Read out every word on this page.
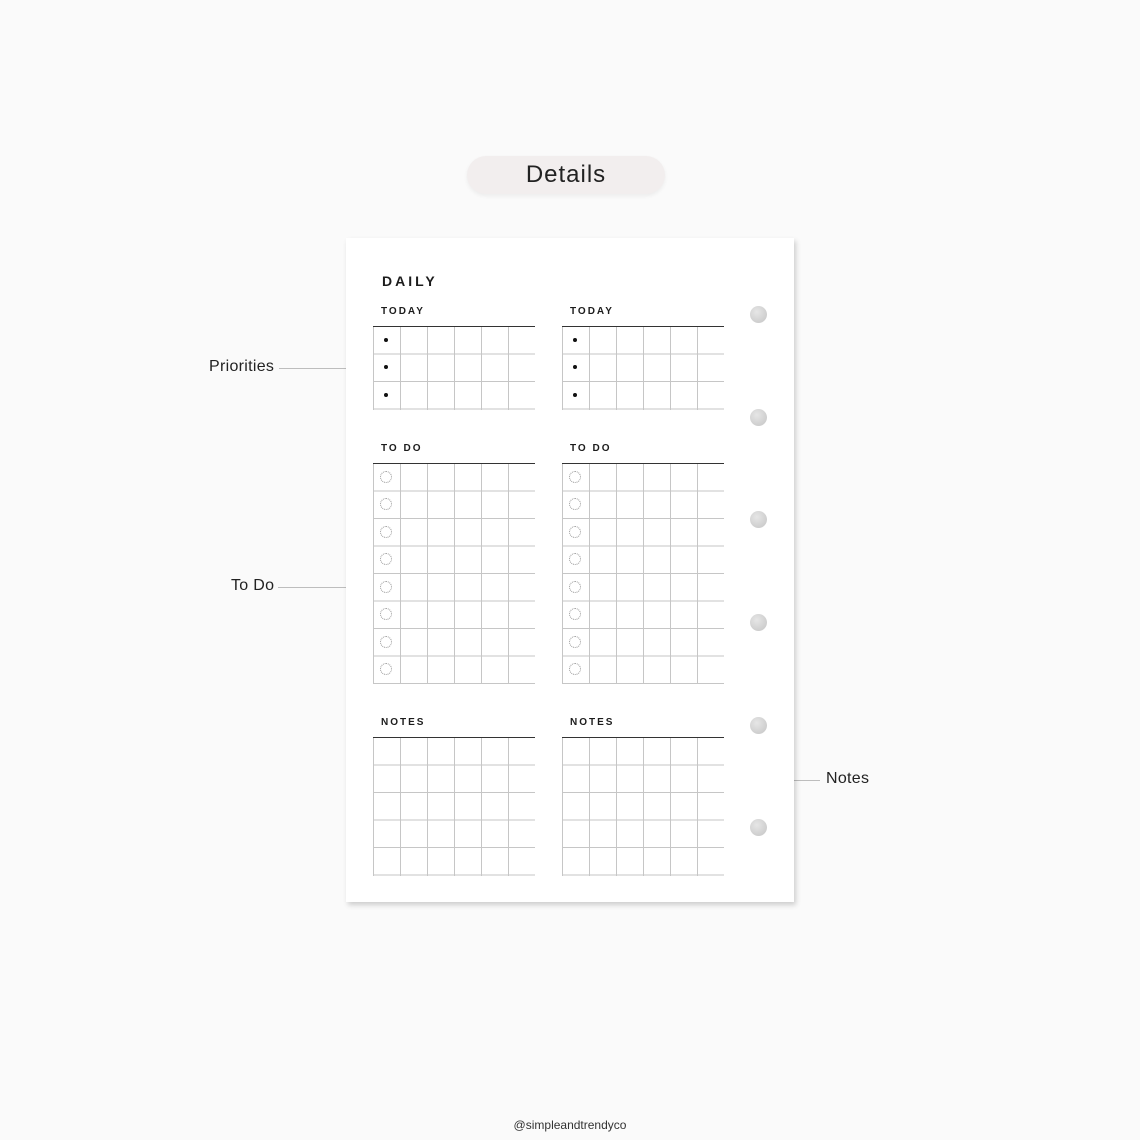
Details
Priorities
To Do
Notes
DAILY
TODAY	TODAY
TO DO	TO DO
NOTES	NOTES
@simpleandtrendyco
